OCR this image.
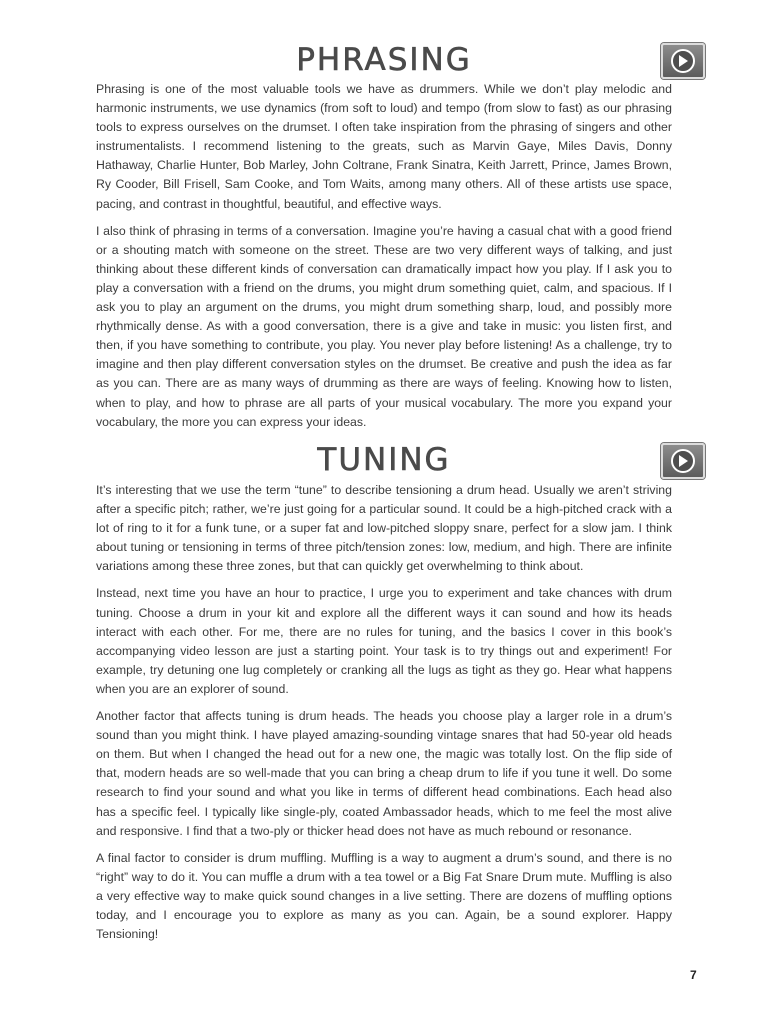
PHRASING

Phrasing is one of the most valuable tools we have as drummers. While we don’t play melodic and harmonic instruments, we use dynamics (from soft to loud) and tempo (from slow to fast) as our phrasing tools to express ourselves on the drumset. I often take inspiration from the phrasing of singers and other instrumentalists. I recommend listening to the greats, such as Marvin Gaye, Miles Davis, Donny Hathaway, Charlie Hunter, Bob Marley, John Coltrane, Frank Sinatra, Keith Jarrett, Prince, James Brown, Ry Cooder, Bill Frisell, Sam Cooke, and Tom Waits, among many others. All of these artists use space, pacing, and contrast in thoughtful, beautiful, and effective ways.

I also think of phrasing in terms of a conversation. Imagine you’re having a casual chat with a good friend or a shouting match with someone on the street. These are two very different ways of talking, and just thinking about these different kinds of conversation can dramatically impact how you play. If I ask you to play a conversation with a friend on the drums, you might drum something quiet, calm, and spacious. If I ask you to play an argument on the drums, you might drum something sharp, loud, and possibly more rhythmically dense. As with a good conversation, there is a give and take in music: you listen first, and then, if you have something to contribute, you play. You never play before listening! As a challenge, try to imagine and then play different conversation styles on the drumset. Be creative and push the idea as far as you can. There are as many ways of drumming as there are ways of feeling. Knowing how to listen, when to play, and how to phrase are all parts of your musical vocabulary. The more you expand your vocabulary, the more you can express your ideas.

TUNING

It’s interesting that we use the term “tune” to describe tensioning a drum head. Usually we aren’t striving after a specific pitch; rather, we’re just going for a particular sound. It could be a high-pitched crack with a lot of ring to it for a funk tune, or a super fat and low-pitched sloppy snare, perfect for a slow jam. I think about tuning or tensioning in terms of three pitch/tension zones: low, medium, and high. There are infinite variations among these three zones, but that can quickly get overwhelming to think about.

Instead, next time you have an hour to practice, I urge you to experiment and take chances with drum tuning. Choose a drum in your kit and explore all the different ways it can sound and how its heads interact with each other. For me, there are no rules for tuning, and the basics I cover in this book’s accompanying video lesson are just a starting point. Your task is to try things out and experiment! For example, try detuning one lug completely or cranking all the lugs as tight as they go. Hear what happens when you are an explorer of sound.

Another factor that affects tuning is drum heads. The heads you choose play a larger role in a drum’s sound than you might think. I have played amazing-sounding vintage snares that had 50-year old heads on them. But when I changed the head out for a new one, the magic was totally lost. On the flip side of that, modern heads are so well-made that you can bring a cheap drum to life if you tune it well. Do some research to find your sound and what you like in terms of different head combinations. Each head also has a specific feel. I typically like single-ply, coated Ambassador heads, which to me feel the most alive and responsive. I find that a two-ply or thicker head does not have as much rebound or resonance.

A final factor to consider is drum muffling. Muffling is a way to augment a drum’s sound, and there is no “right” way to do it. You can muffle a drum with a tea towel or a Big Fat Snare Drum mute. Muffling is also a very effective way to make quick sound changes in a live setting. There are dozens of muffling options today, and I encourage you to explore as many as you can. Again, be a sound explorer. Happy Tensioning!

7
